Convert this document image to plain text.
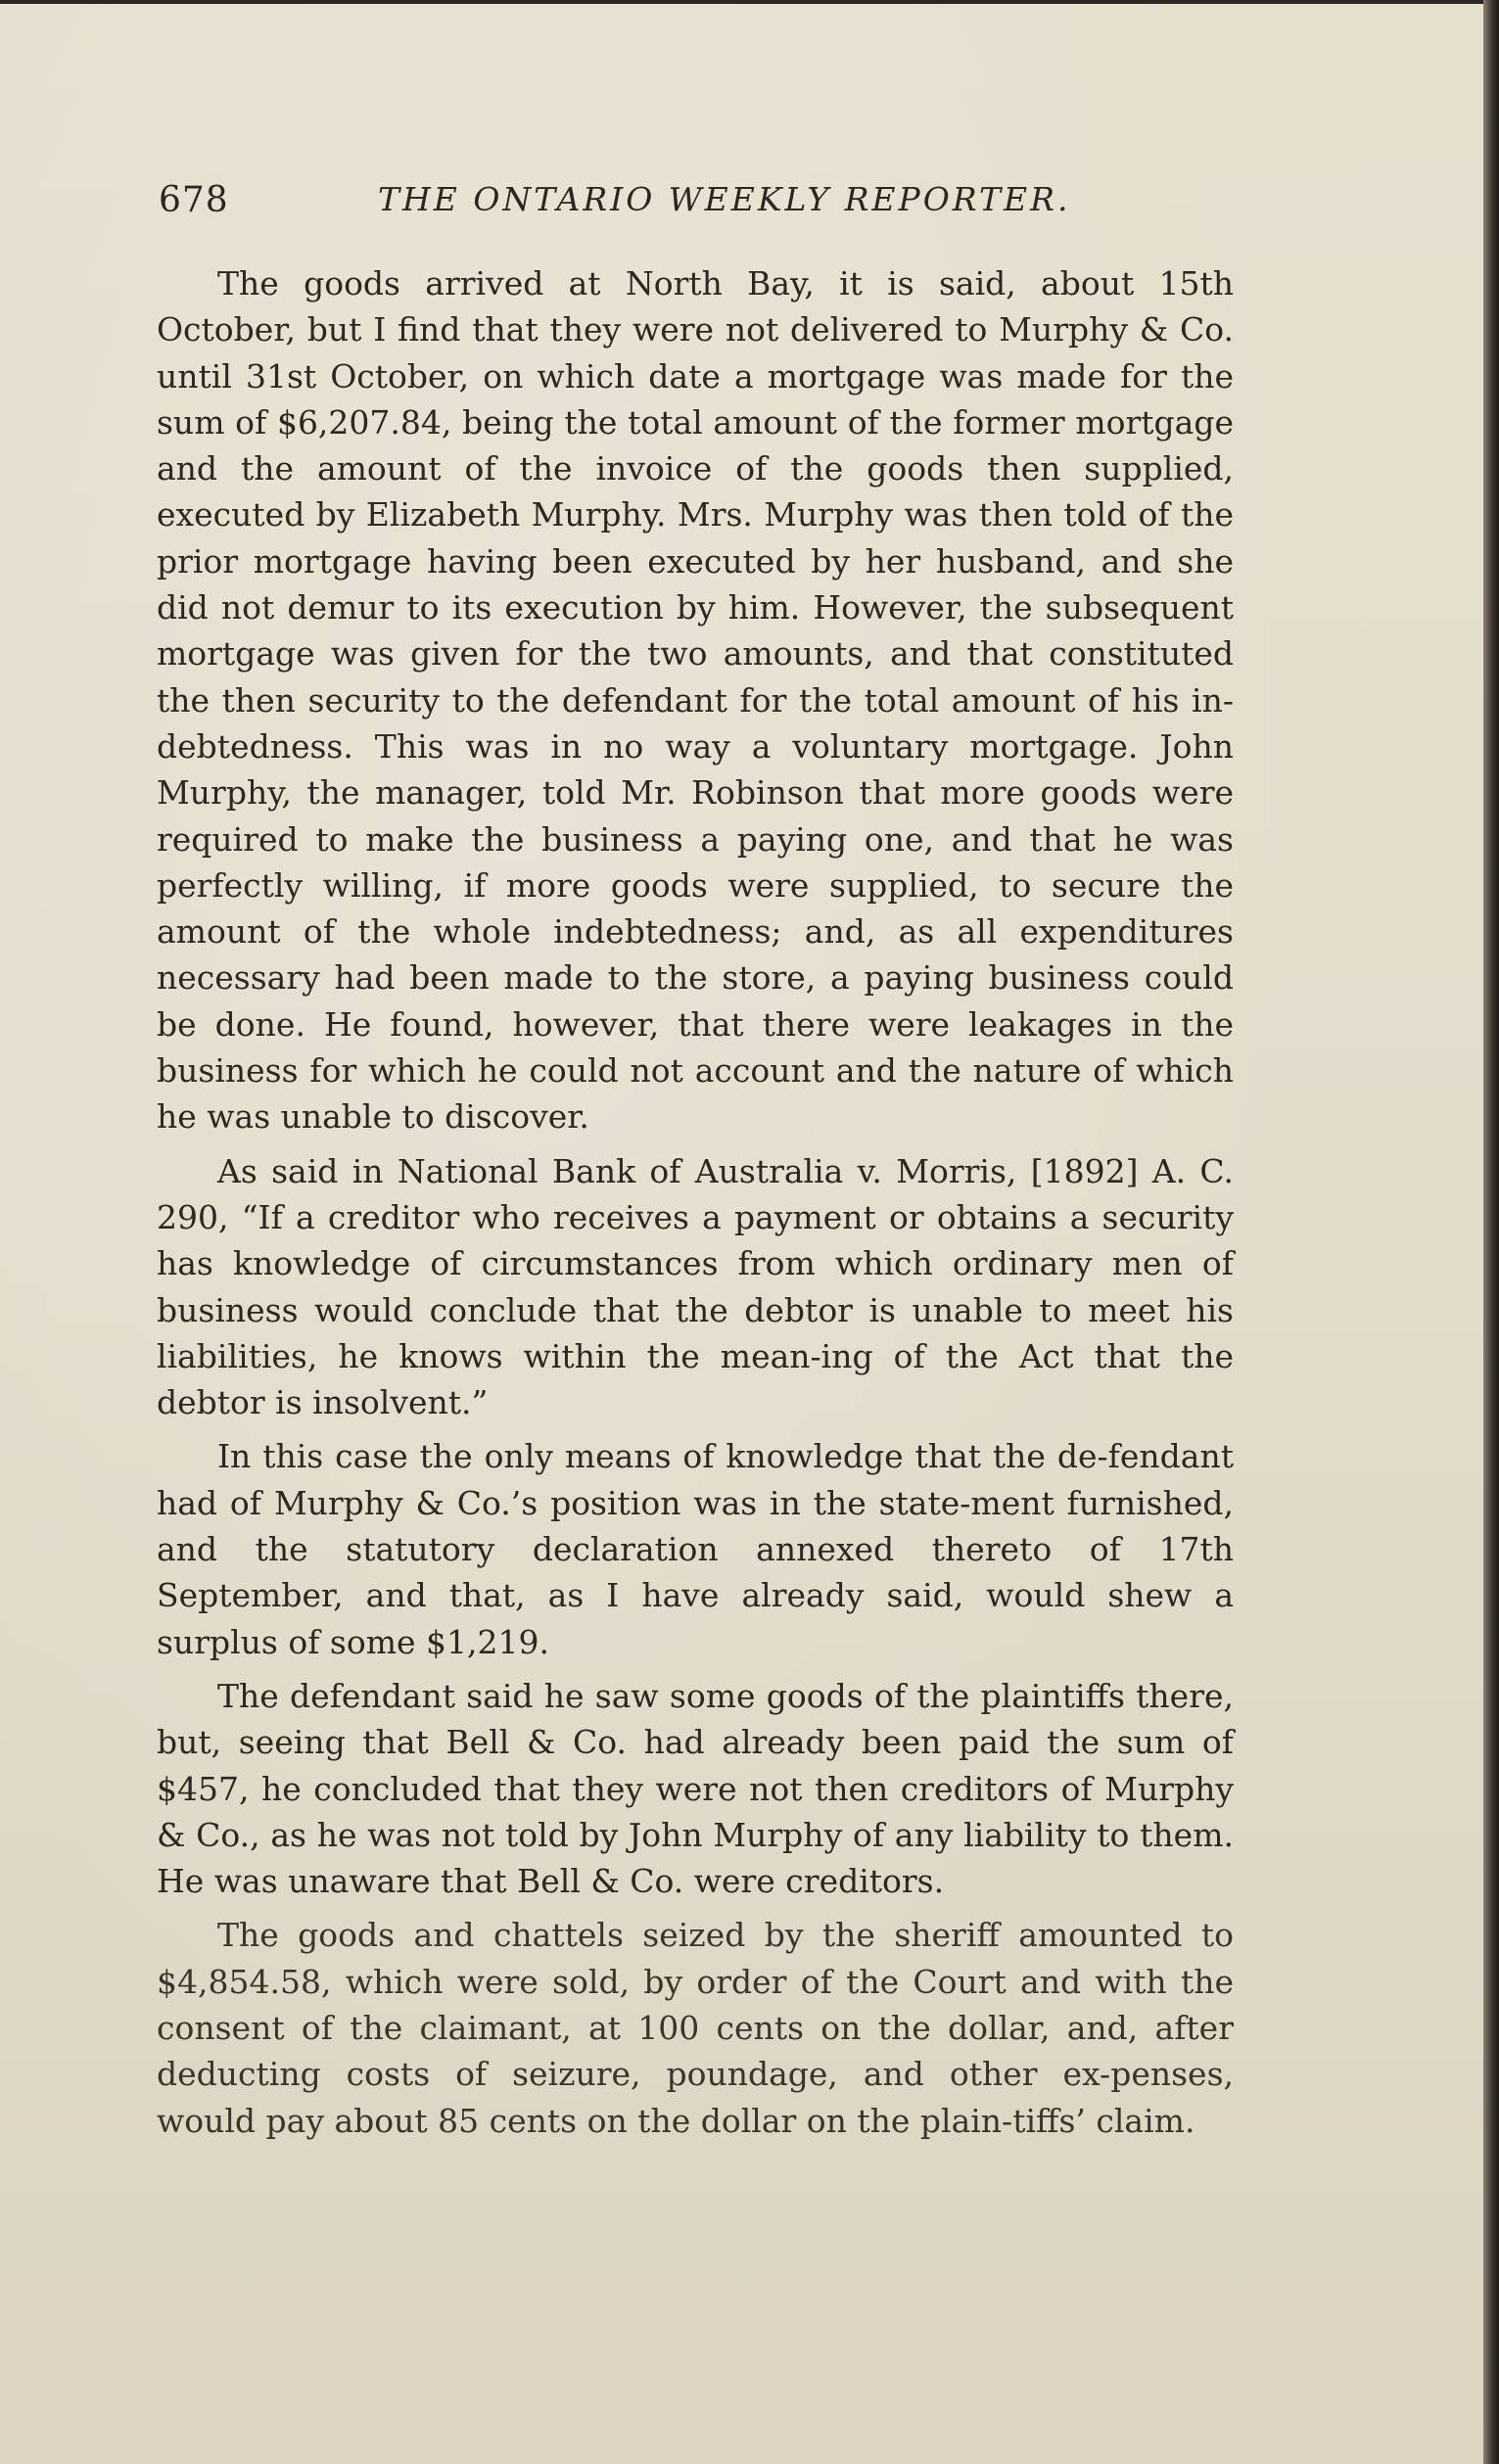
678	THE ONTARIO WEEKLY REPORTER.

The goods arrived at North Bay, it is said, about 15th October, but I find that they were not delivered to Murphy & Co. until 31st October, on which date a mortgage was made for the sum of $6,207.84, being the total amount of the former mortgage and the amount of the invoice of the goods then supplied, executed by Elizabeth Murphy. Mrs. Murphy was then told of the prior mortgage having been executed by her husband, and she did not demur to its execution by him. However, the subsequent mortgage was given for the two amounts, and that constituted the then security to the defendant for the total amount of his in-debtedness. This was in no way a voluntary mortgage. John Murphy, the manager, told Mr. Robinson that more goods were required to make the business a paying one, and that he was perfectly willing, if more goods were supplied, to secure the amount of the whole indebtedness; and, as all expenditures necessary had been made to the store, a paying business could be done. He found, however, that there were leakages in the business for which he could not account and the nature of which he was unable to discover.

As said in National Bank of Australia v. Morris, [1892] A. C. 290, “If a creditor who receives a payment or obtains a security has knowledge of circumstances from which ordinary men of business would conclude that the debtor is unable to meet his liabilities, he knows within the mean-ing of the Act that the debtor is insolvent.”

In this case the only means of knowledge that the de-fendant had of Murphy & Co.’s position was in the state-ment furnished, and the statutory declaration annexed thereto of 17th September, and that, as I have already said, would shew a surplus of some $1,219.

The defendant said he saw some goods of the plaintiffs there, but, seeing that Bell & Co. had already been paid the sum of $457, he concluded that they were not then creditors of Murphy & Co., as he was not told by John Murphy of any liability to them. He was unaware that Bell & Co. were creditors.

The goods and chattels seized by the sheriff amounted to $4,854.58, which were sold, by order of the Court and with the consent of the claimant, at 100 cents on the dollar, and, after deducting costs of seizure, poundage, and other ex-penses, would pay about 85 cents on the dollar on the plain-tiffs’ claim.
